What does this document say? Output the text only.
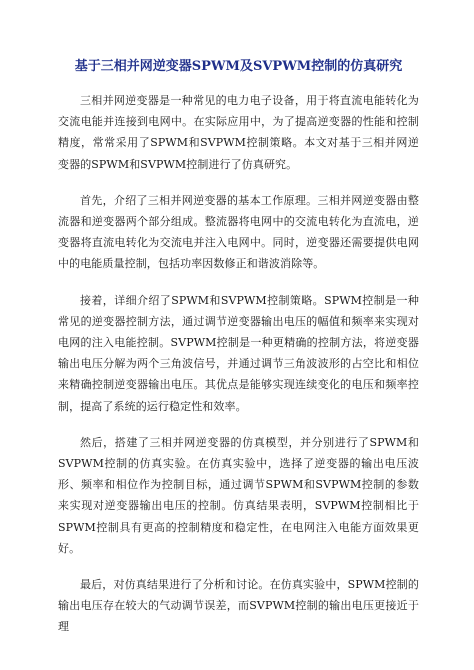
基于三相并网逆变器SPWM及SVPWM控制的仿真研究

三相并网逆变器是一种常见的电力电子设备，用于将直流电能转化为交流电能并连接到电网中。在实际应用中，为了提高逆变器的性能和控制精度，常常采用了SPWM和SVPWM控制策略。本文对基于三相并网逆变器的SPWM和SVPWM控制进行了仿真研究。

首先，介绍了三相并网逆变器的基本工作原理。三相并网逆变器由整流器和逆变器两个部分组成。整流器将电网中的交流电转化为直流电，逆变器将直流电转化为交流电并注入电网中。同时，逆变器还需要提供电网中的电能质量控制，包括功率因数修正和谐波消除等。

接着，详细介绍了SPWM和SVPWM控制策略。SPWM控制是一种常见的逆变器控制方法，通过调节逆变器输出电压的幅值和频率来实现对电网的注入电能控制。SVPWM控制是一种更精确的控制方法，将逆变器输出电压分解为两个三角波信号，并通过调节三角波波形的占空比和相位来精确控制逆变器输出电压。其优点是能够实现连续变化的电压和频率控制，提高了系统的运行稳定性和效率。

然后，搭建了三相并网逆变器的仿真模型，并分别进行了SPWM和SVPWM控制的仿真实验。在仿真实验中，选择了逆变器的输出电压波形、频率和相位作为控制目标，通过调节SPWM和SVPWM控制的参数来实现对逆变器输出电压的控制。仿真结果表明，SVPWM控制相比于SPWM控制具有更高的控制精度和稳定性，在电网注入电能方面效果更好。

最后，对仿真结果进行了分析和讨论。在仿真实验中，SPWM控制的输出电压存在较大的气动调节误差，而SVPWM控制的输出电压更接近于理
